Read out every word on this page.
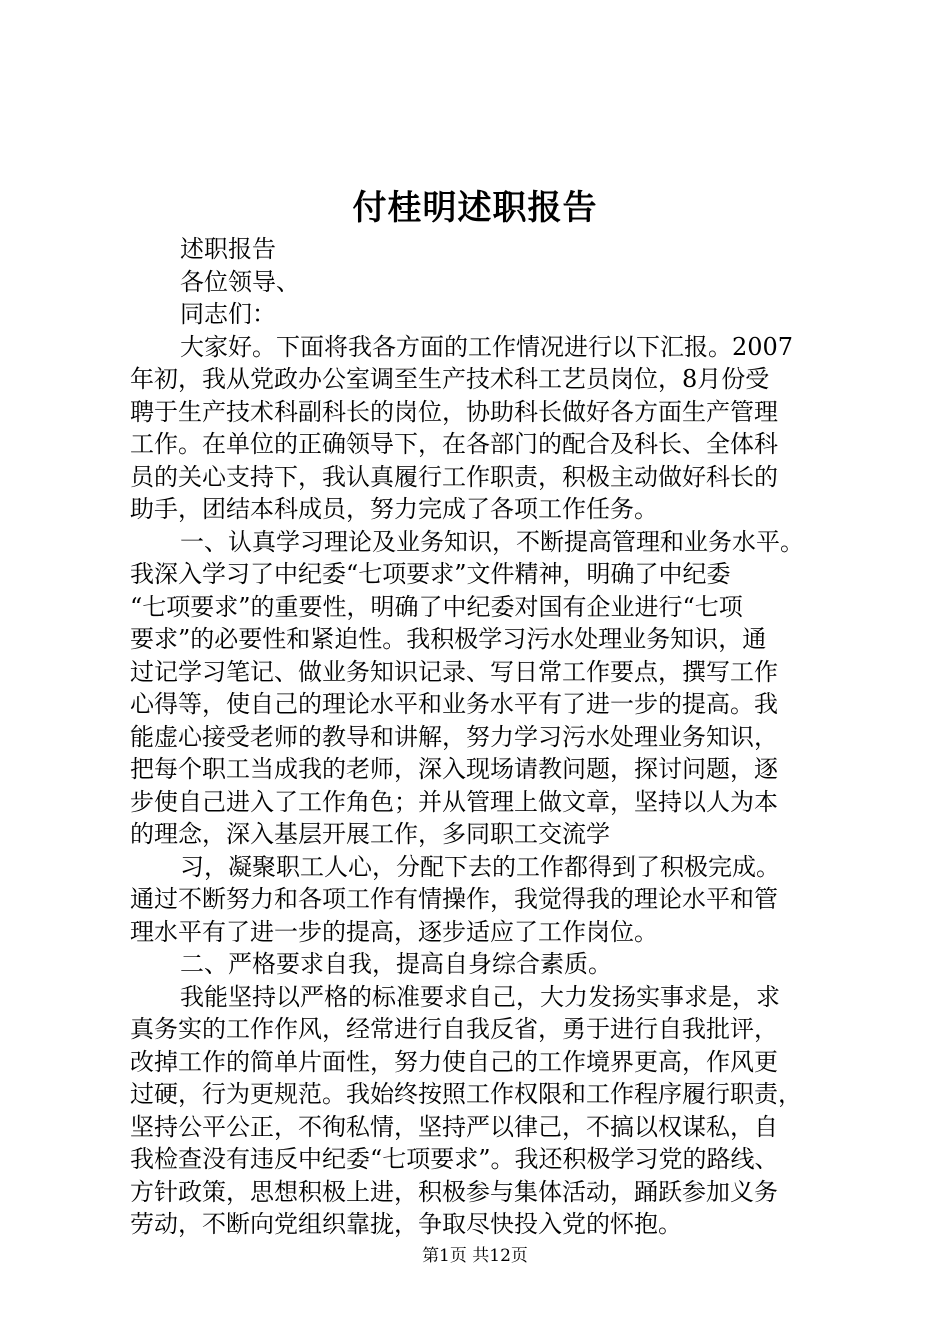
付桂明述职报告

述职报告

各位领导、

同志们：

大家好。下面将我各方面的工作情况进行以下汇报。2007

年初，我从党政办公室调至生产技术科工艺员岗位，8月份受

聘于生产技术科副科长的岗位，协助科长做好各方面生产管理

工作。在单位的正确领导下，在各部门的配合及科长、全体科

员的关心支持下，我认真履行工作职责，积极主动做好科长的

助手，团结本科成员，努力完成了各项工作任务。

一、认真学习理论及业务知识，不断提高管理和业务水平。

我深入学习了中纪委“七项要求”文件精神，明确了中纪委

“七项要求”的重要性，明确了中纪委对国有企业进行“七项

要求”的必要性和紧迫性。我积极学习污水处理业务知识，通

过记学习笔记、做业务知识记录、写日常工作要点，撰写工作

心得等，使自己的理论水平和业务水平有了进一步的提高。我

能虚心接受老师的教导和讲解，努力学习污水处理业务知识，

把每个职工当成我的老师，深入现场请教问题，探讨问题，逐

步使自己进入了工作角色；并从管理上做文章，坚持以人为本

的理念，深入基层开展工作，多同职工交流学

习，凝聚职工人心，分配下去的工作都得到了积极完成。

通过不断努力和各项工作有情操作，我觉得我的理论水平和管

理水平有了进一步的提高，逐步适应了工作岗位。

二、严格要求自我，提高自身综合素质。

我能坚持以严格的标准要求自己，大力发扬实事求是，求

真务实的工作作风，经常进行自我反省，勇于进行自我批评，

改掉工作的简单片面性，努力使自己的工作境界更高，作风更

过硬，行为更规范。我始终按照工作权限和工作程序履行职责，

坚持公平公正，不徇私情，坚持严以律己，不搞以权谋私，自

我检查没有违反中纪委“七项要求”。我还积极学习党的路线、

方针政策，思想积极上进，积极参与集体活动，踊跃参加义务

劳动，不断向党组织靠拢，争取尽快投入党的怀抱。

第1页 共12页
